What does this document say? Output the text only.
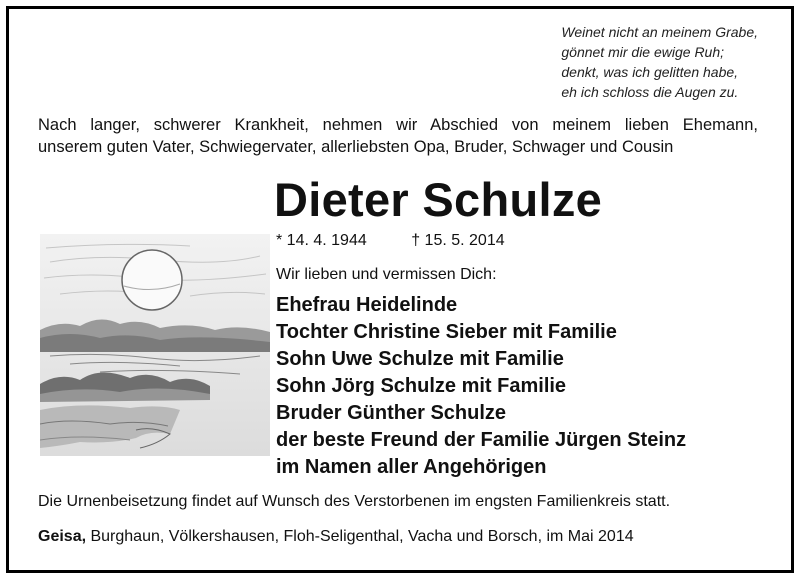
Weinet nicht an meinem Grabe,
gönnet mir die ewige Ruh;
denkt, was ich gelitten habe,
eh ich schloss die Augen zu.
Nach langer, schwerer Krankheit, nehmen wir Abschied von meinem lieben Ehemann,
unserem guten Vater, Schwiegervater, allerliebsten Opa, Bruder, Schwager und Cousin
Dieter Schulze
* 14. 4. 1944	† 15. 5. 2014
Wir lieben und vermissen Dich:
Ehefrau Heidelinde
Tochter Christine Sieber mit Familie
Sohn Uwe Schulze mit Familie
Sohn Jörg Schulze mit Familie
Bruder Günther Schulze
der beste Freund der Familie Jürgen Steinz
im Namen aller Angehörigen
Die Urnenbeisetzung findet auf Wunsch des Verstorbenen im engsten Familienkreis statt.
Geisa, Burghaun, Völkershausen, Floh-Seligenthal, Vacha und Borsch, im Mai 2014
